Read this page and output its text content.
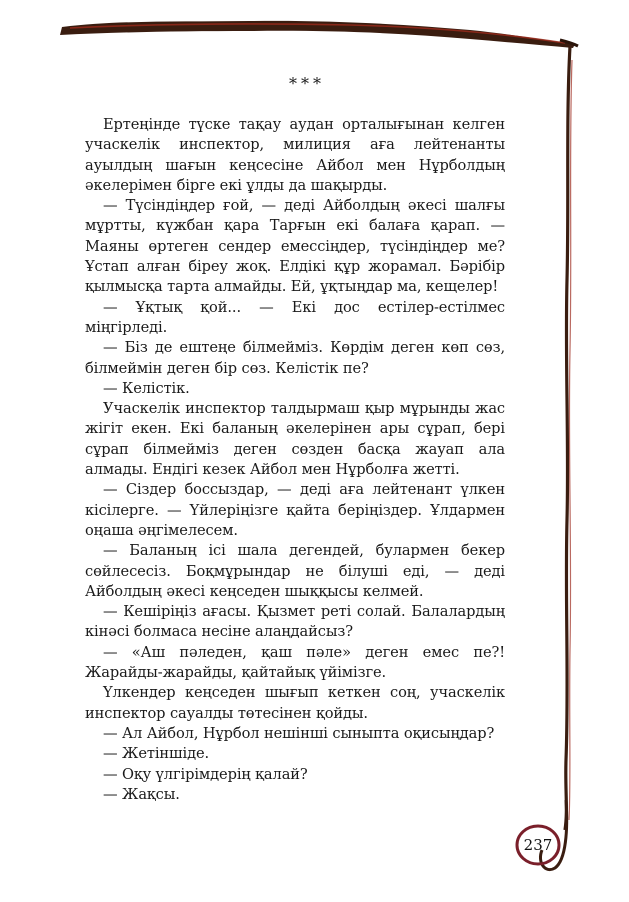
***

Ертеңінде түске тақау аудан орталығынан келген учаскелік инспектор, милиция аға лейтенанты ауылдың шағын кеңсесіне Айбол мен Нұрболдың әкелерімен бірге екі ұлды да шақырды.

— Түсіндіңдер ғой, — деді Айболдың әкесі шалғы мұртты, күжбан қара Тарғын екі балаға қарап. — Маяны өртеген сендер емессіңдер, түсіндіңдер ме? Ұстап алған біреу жоқ. Елдікі құр жорамал. Бәрібір қылмысқа тарта алмайды. Ей, ұқтыңдар ма, кещелер!

— Ұқтық қой... — Екі дос естілер-естілмес міңгірледі.

— Біз де ештеңе білмейміз. Көрдім деген көп сөз, білмеймін деген бір сөз. Келістік пе?

— Келістік.

Учаскелік инспектор талдырмаш қыр мұрынды жас жігіт екен. Екі баланың әкелерінен ары сұрап, бері сұрап білмейміз деген сөзден басқа жауап ала алмады. Ендігі кезек Айбол мен Нұрболға жетті.

— Сіздер боссыздар, — деді аға лейтенант үлкен кісілерге. — Үйлеріңізге қайта беріңіздер. Ұлдармен оңаша әңгімелесем.

— Баланың ісі шала дегендей, булармен бекер сөйлесесіз. Боқмұрындар не білуші еді, — деді Айболдың әкесі кеңседен шыққысы келмей.

— Кешіріңіз ағасы. Қызмет реті солай. Балалардың кінәсі болмаса несіне алаңдайсыз?

— «Аш пәледен, қаш пәле» деген емес пе?! Жарайды-жарайды, қайтайық үйімізге.

Үлкендер кеңседен шығып кеткен соң, учаскелік инспектор сауалды төтесінен қойды.

— Ал Айбол, Нұрбол нешінші сыныпта оқисыңдар?

— Жетіншіде.

— Оқу үлгірімдерің қалай?

— Жақсы.

237
